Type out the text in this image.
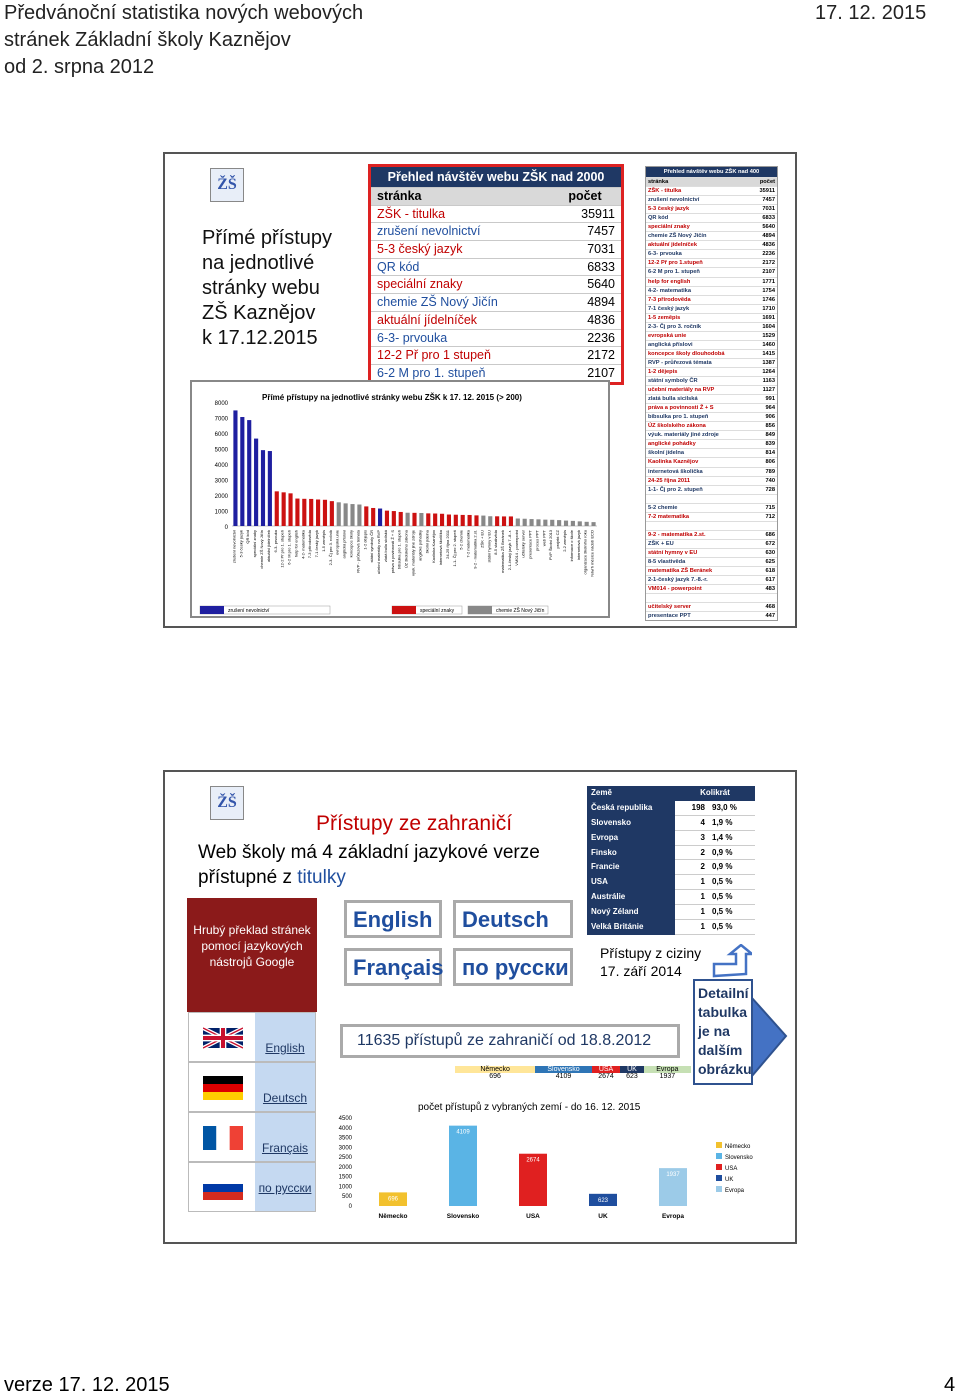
Předvánoční statistika nových webových
stránek Základní školy Kaznějov
od 2. srpna 2012
17. 12. 2015
ŽŠ
Přímé přístupy
na jednotlivé
stránky webu
ZŠ Kaznějov
k 17.12.2015
Přehled návštěv webu ZŠK nad 2000
stránka	počet
ZŠK - titulka	35911
zrušení nevolnictví	7457
5-3 český jazyk	7031
QR kód	6833
speciální znaky	5640
chemie ZŠ Nový Jičín	4894
aktuální jídelníček	4836
6-3- prvouka	2236
12-2 Př pro 1 stupeň	2172
6-2 M pro 1. stupeň	2107
Přehled návštěv webu ZŠK nad 400
stránka	počet
ZŠK - titulka	35911
zrušení nevolnictví	7457
5-3 český jazyk	7031
QR kód	6833
speciální znaky	5640
chemie ZŠ Nový Jičín	4894
aktuální jídelníček	4836
6-3- prvouka	2236
12-2 Př pro 1.stupeň	2172
6-2 M pro 1. stupeň	2107
help for english	1771
4-2- matematika	1754
7-3 přírodověda	1746
7-1 český jazyk	1710
1-5 zeměpis	1691
2-3- Čj pro 3. ročník	1604
evropská unie	1529
anglická příslovi	1460
koncepce školy dlouhodobá	1415
RVP - průřezová témata	1387
1-2 dějepis	1264
státní symboly ČR	1163
učební materiály na RVP	1127
zlatá bulla sicilská	991
práva a povinnosti Ž + S	964
bibsulka pro 1. stupeň	906
ÚZ školského zákona	856
výuk. materiály jiné zdroje	849
anglické pohádky	839
školní jídelna	814
Kaolinka Kaznějov	806
internetová školička	789
24-25 října 2011	740
1-1- Čj pro 2. stupeň	728
5-2 chemie	715
7-2 matematika	712
9-2 - matematika 2.st.	686
ZŠK + EU	672
státní hymny v EU	630
8-5 vlastivěda	625
matematika ZŠ Beránek	618
2-1-český jazyk 7.-8.-r.	617
VM014 - powerpoint	483
učitelský server	468
presentace PPT	447
Přímé přístupy na jednotlivé stránky webu ZŠK k 17. 12. 2015 (> 200)
8000
7000
6000
5000
4000
3000
2000
1000
0
zrušení nevolnictví 5-3 český jazyk QR kód speciální znaky chemie ZŠ Nový Jičín aktuální jídelníček 6-3- prvouka 12-2 Př pro 1. stupeň 6-2 M pro 1. stupeň help for english 4-2- matematika 7-3 přírodověda 7-1 český jazyk 1-5 zeměpis 2-3- Čj pro 3. ročník evropská unie anglická příslovi koncepce školy RVP - průřezová témata 1-2 dějepis státní symboly ČR učební materiály na RVP zlatá bulla sicilská práva a povinnosti Ž + S bibsulka pro 1. stupeň ÚZ školského zákona výuk. materiály jiné zdroje anglické pohádky školní jídelna Kaolinka Kaznějov internetová školička 24-25 října 2011 1-1- Čj pro 2. stupeň 5-2 chemie 7-2 matematika 9-2 - matematika 2.st. ZŠK + EU státní hymny v EU 8-5 vlastivěda matematika ZŠ Beránek 2-1-český jazyk 7.-8.-r. VM014 - powerpoint učitelský server presentace PPT proces PPT web PPT PVP Školní 2013 projekt CZ 2-2 zeměpis informace o škole internetová jazyk organizace školního roku Návrh měsíce nádob ECO
zrušení nevolnictví	speciální znaky	chemie ZŠ Nový Jičín
ŽŠ
Přístupy ze zahraničí
Web školy má 4 základní jazykové verze
přístupné z titulky
Hrubý překlad stránek pomocí jazykových nástrojů Google
English	Deutsch
Français по русски
English
Deutsch
Français
по русски
Země	Kolikrát
Česká republika	198 93,0 %
Slovensko	4 1,9 %
Evropa	3 1,4 %
Finsko	2 0,9 %
Francie	2 0,9 %
USA	1 0,5 %
Austrálie	1 0,5 %
Nový Zéland	1 0,5 %
Velká Británie	1 0,5 %
Přístupy z ciziny
17. září 2014
Detailní tabulka je na dalším obrázku
11635 přístupů ze zahraničí od 18.8.2012
Německo	Slovensko	USA	UK	Evropa
696	4109	2674	623	1937
počet přístupů z vybraných zemí - do 16. 12. 2015
4500
4000
3500
3000
2500
2000
1500
1000
500
0
696
Německo
4109
Slovensko
2674
USA
623
UK
1937
Evropa
Německo
Slovensko
USA
UK
Evropa
verze 17. 12. 2015	4
